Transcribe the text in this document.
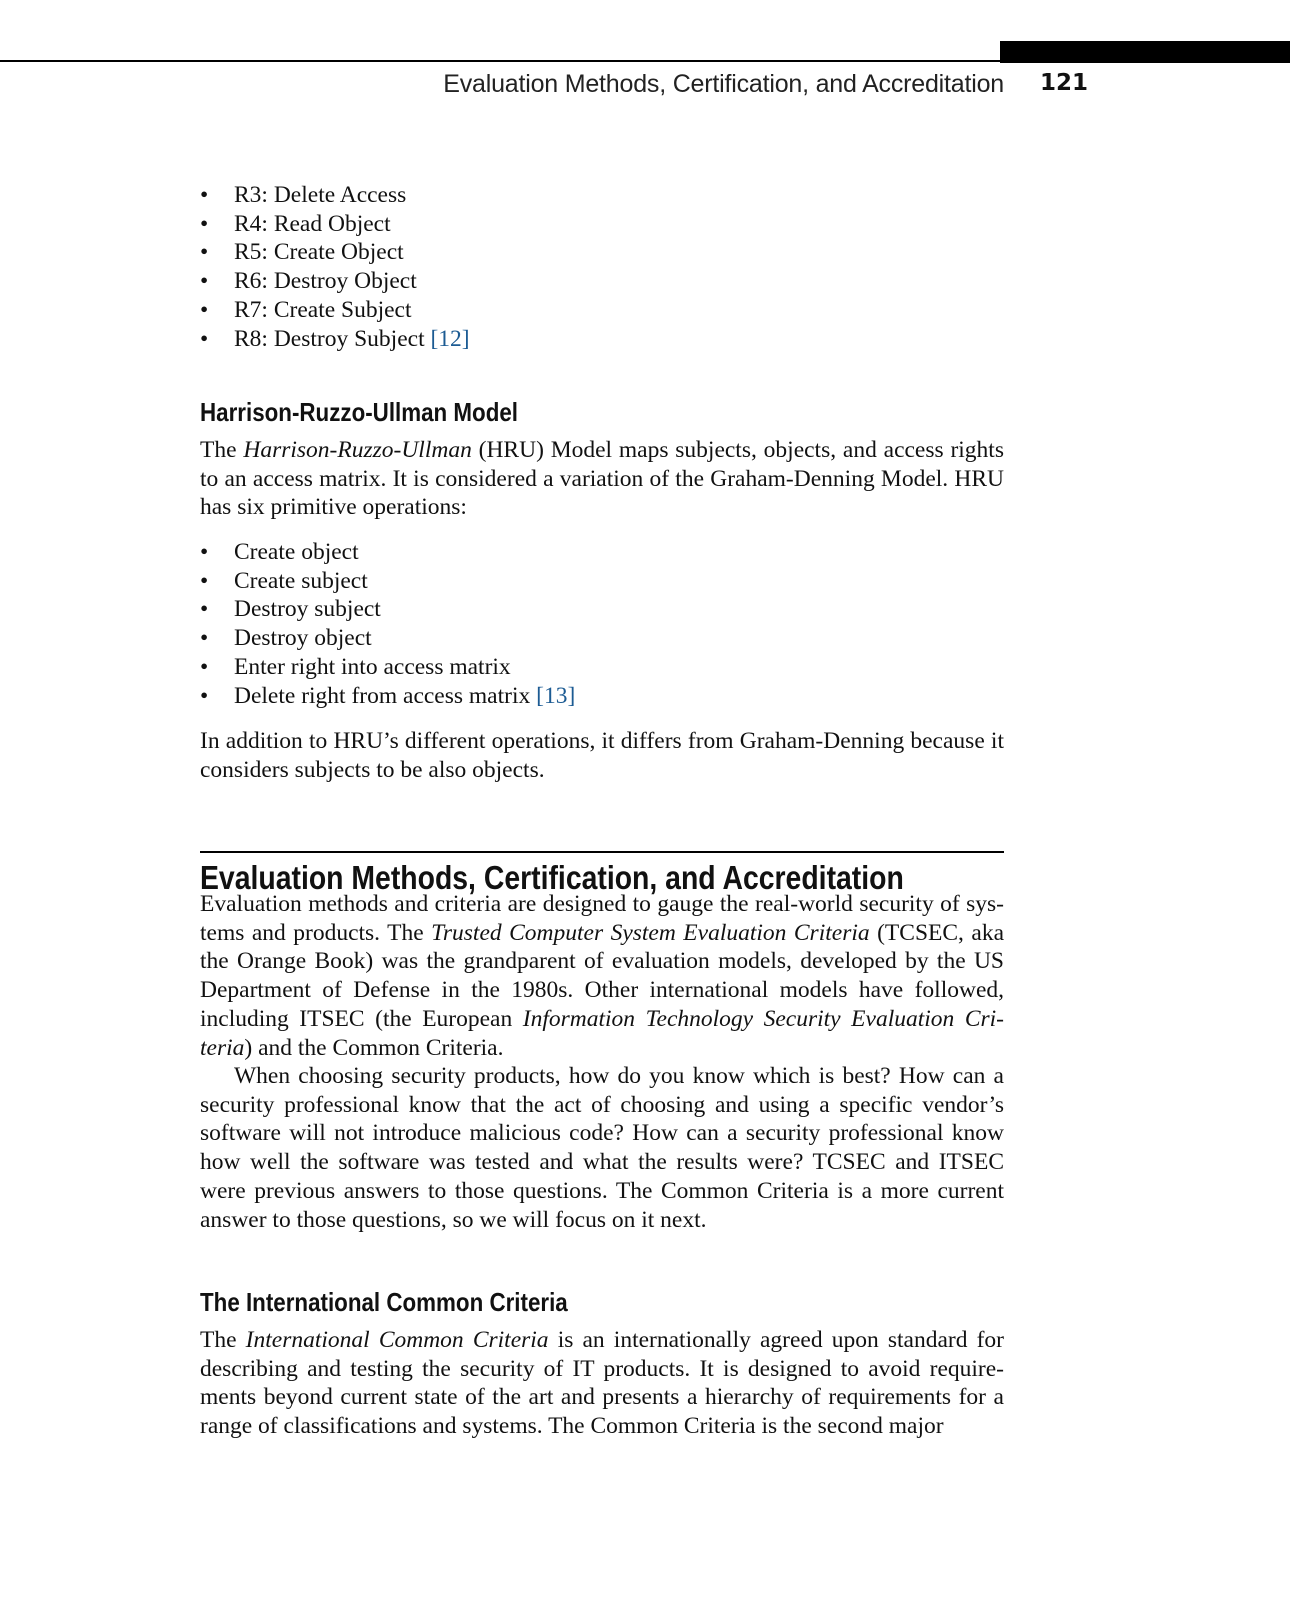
Evaluation Methods, Certification, and Accreditation 121
• R3: Delete Access
• R4: Read Object
• R5: Create Object
• R6: Destroy Object
• R7: Create Subject
• R8: Destroy Subject [12]
Harrison-Ruzzo-Ullman Model

The Harrison-Ruzzo-Ullman (HRU) Model maps subjects, objects, and access rights to an access matrix. It is considered a variation of the Graham-Denning Model. HRU has six primitive operations:

• Create object
• Create subject
• Destroy subject
• Destroy object
• Enter right into access matrix
• Delete right from access matrix [13]

In addition to HRU’s different operations, it differs from Graham-Denning because it considers subjects to be also objects.

Evaluation Methods, Certification, and Accreditation

Evaluation methods and criteria are designed to gauge the real-world security of systems and products. The Trusted Computer System Evaluation Criteria (TCSEC, aka the Orange Book) was the grandparent of evaluation models, developed by the US Department of Defense in the 1980s. Other international models have followed, including ITSEC (the European Information Technology Security Evaluation Criteria) and the Common Criteria.

When choosing security products, how do you know which is best? How can a security professional know that the act of choosing and using a specific vendor’s software will not introduce malicious code? How can a security professional know how well the software was tested and what the results were? TCSEC and ITSEC were previous answers to those questions. The Common Criteria is a more current answer to those questions, so we will focus on it next.

The International Common Criteria

The International Common Criteria is an internationally agreed upon standard for describing and testing the security of IT products. It is designed to avoid requirements beyond current state of the art and presents a hierarchy of requirements for a range of classifications and systems. The Common Criteria is the second major
